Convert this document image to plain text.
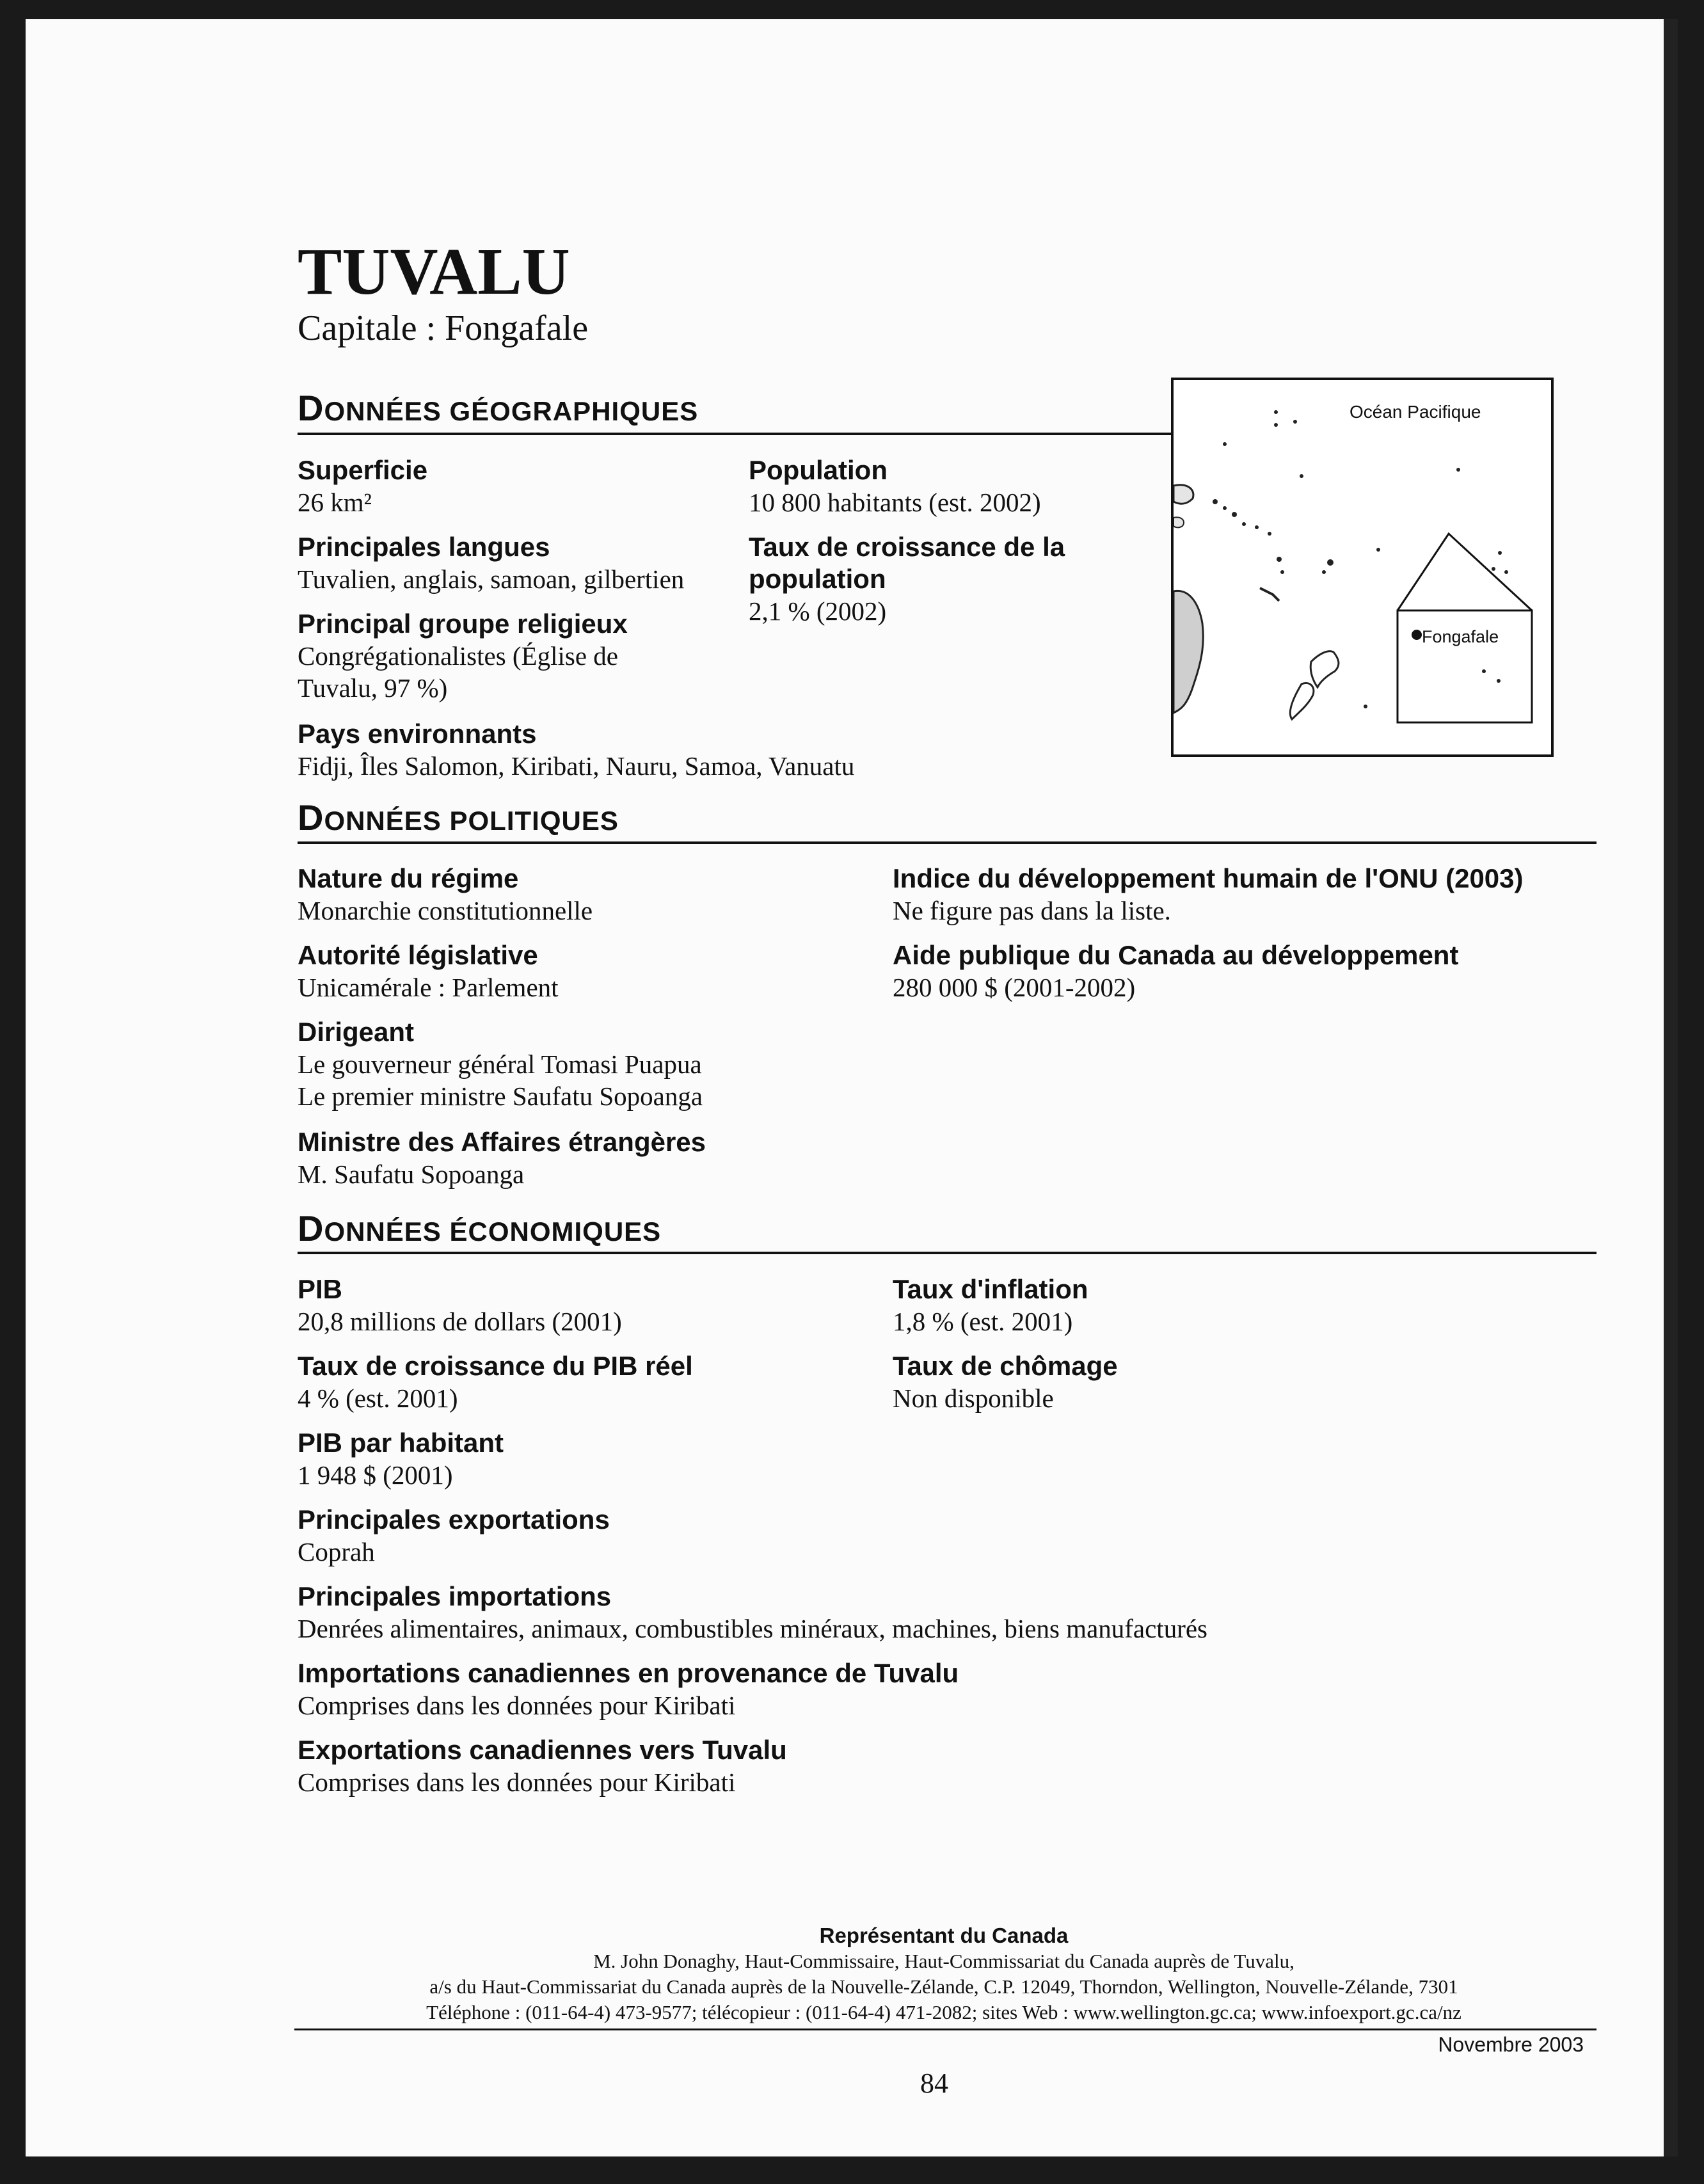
TUVALU
Capitale : Fongafale
DONNÉES GÉOGRAPHIQUES
Superficie
26 km²
Principales langues
Tuvalien, anglais, samoan, gilbertien
Principal groupe religieux
Congrégationalistes (Église de
Tuvalu, 97 %)
Pays environnants
Fidji, Îles Salomon, Kiribati, Nauru, Samoa, Vanuatu
Population
10 800 habitants (est. 2002)
Taux de croissance de la
population
2,1 % (2002)
Océan Pacifique
Fongafale
DONNÉES POLITIQUES
Nature du régime
Monarchie constitutionnelle
Autorité législative
Unicamérale : Parlement
Dirigeant
Le gouverneur général Tomasi Puapua
Le premier ministre Saufatu Sopoanga
Ministre des Affaires étrangères
M. Saufatu Sopoanga
Indice du développement humain de l'ONU (2003)
Ne figure pas dans la liste.
Aide publique du Canada au développement
280 000 $ (2001-2002)
DONNÉES ÉCONOMIQUES
PIB
20,8 millions de dollars (2001)
Taux de croissance du PIB réel
4 % (est. 2001)
PIB par habitant
1 948 $ (2001)
Principales exportations
Coprah
Principales importations
Denrées alimentaires, animaux, combustibles minéraux, machines, biens manufacturés
Importations canadiennes en provenance de Tuvalu
Comprises dans les données pour Kiribati
Exportations canadiennes vers Tuvalu
Comprises dans les données pour Kiribati
Taux d'inflation
1,8 % (est. 2001)
Taux de chômage
Non disponible
Représentant du Canada
M. John Donaghy, Haut-Commissaire, Haut-Commissariat du Canada auprès de Tuvalu,
a/s du Haut-Commissariat du Canada auprès de la Nouvelle-Zélande, C.P. 12049, Thorndon, Wellington, Nouvelle-Zélande, 7301
Téléphone : (011-64-4) 473-9577; télécopieur : (011-64-4) 471-2082; sites Web : www.wellington.gc.ca; www.infoexport.gc.ca/nz
Novembre 2003
84
